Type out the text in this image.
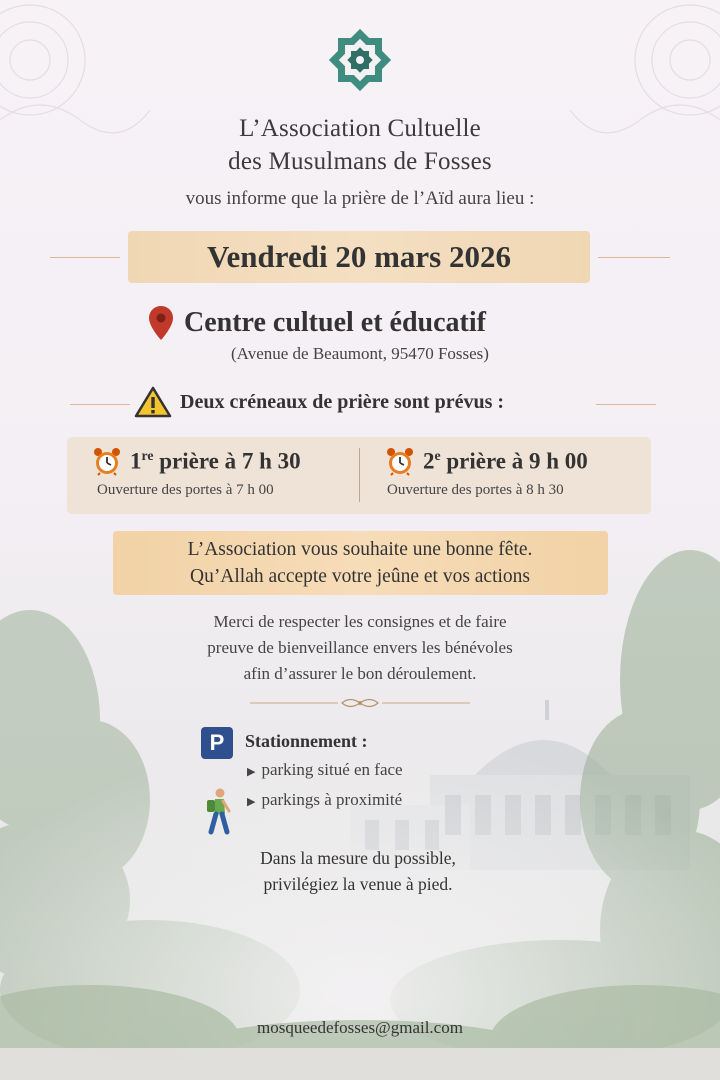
L’Association Cultuelle
des Musulmans de Fosses
vous informe que la prière de l’Aïd aura lieu :
Vendredi 20 mars 2026
Centre cultuel et éducatif
(Avenue de Beaumont, 95470 Fosses)
Deux créneaux de prière sont prévus :
1re prière à 7 h 30
Ouverture des portes à 7 h 00
2e prière à 9 h 00
Ouverture des portes à 8 h 30
L’Association vous souhaite une bonne fête.
Qu’Allah accepte votre jeûne et vos actions
Merci de respecter les consignes et de faire
preuve de bienveillance envers les bénévoles
afin d’assurer le bon déroulement.
P	Stationnement :
▶ parking situé en face
▶ parkings à proximité
Dans la mesure du possible,
privilégiez la venue à pied.
mosqueedefosses@gmail.com
